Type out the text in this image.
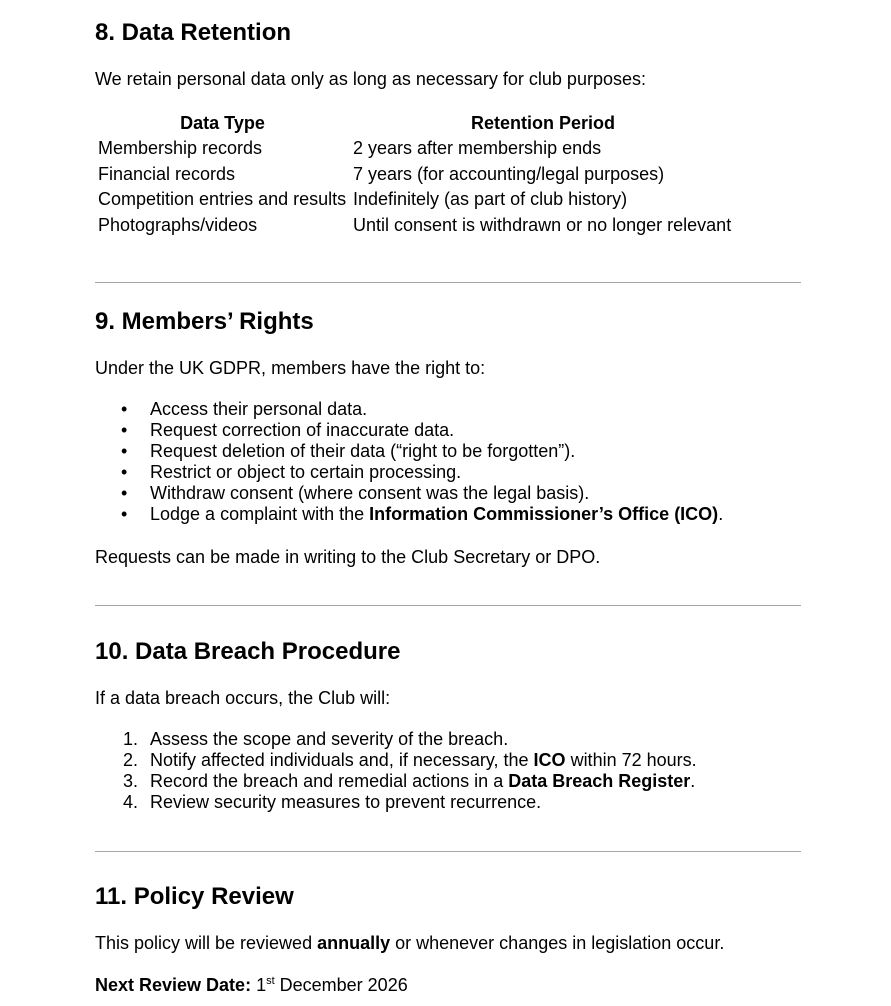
8. Data Retention

We retain personal data only as long as necessary for club purposes:

Data Type	Retention Period
Membership records	2 years after membership ends
Financial records	7 years (for accounting/legal purposes)
Competition entries and results	Indefinitely (as part of club history)
Photographs/videos	Until consent is withdrawn or no longer relevant
9. Members’ Rights

Under the UK GDPR, members have the right to:

• Access their personal data.
• Request correction of inaccurate data.
• Request deletion of their data (“right to be forgotten”).
• Restrict or object to certain processing.
• Withdraw consent (where consent was the legal basis).
• Lodge a complaint with the Information Commissioner’s Office (ICO).

Requests can be made in writing to the Club Secretary or DPO.

10. Data Breach Procedure

If a data breach occurs, the Club will:

1. Assess the scope and severity of the breach.
2. Notify affected individuals and, if necessary, the ICO within 72 hours.
3. Record the breach and remedial actions in a Data Breach Register.
4. Review security measures to prevent recurrence.
11. Policy Review

This policy will be reviewed annually or whenever changes in legislation occur.

Next Review Date: 1st December 2026
